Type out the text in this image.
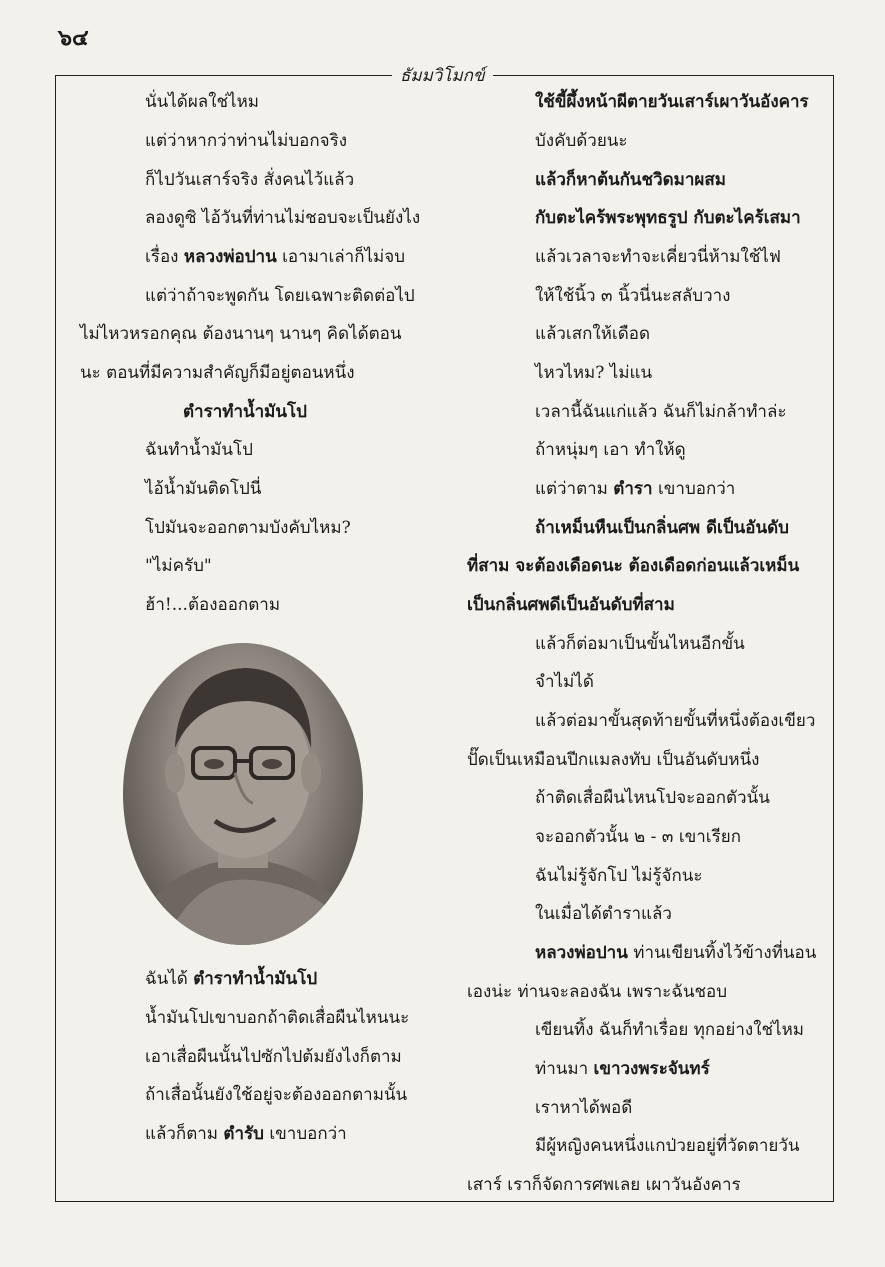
๖๔
ธัมมวิโมกข์
นั่นได้ผลใช่ไหม
แต่ว่าหากว่าท่านไม่บอกจริง
ก็ไปวันเสาร์จริง สั่งคนไว้แล้ว
ลองดูซิ ไอ้วันที่ท่านไม่ชอบจะเป็นยังไง
เรื่อง หลวงพ่อปาน เอามาเล่าก็ไม่จบ
แต่ว่าถ้าจะพูดกัน โดยเฉพาะติดต่อไป
ไม่ไหวหรอกคุณ ต้องนานๆ นานๆ คิดได้ตอน
นะ ตอนที่มีความสำคัญก็มีอยู่ตอนหนึ่ง
ตำราทำน้ำมันโป
ฉันทำน้ำมันโป
ไอ้น้ำมันติดโปนี่
โปมันจะออกตามบังคับไหม?
"ไม่ครับ"
ฮ้า!...ต้องออกตาม
ฉันได้ ตำราทำน้ำมันโป
น้ำมันโปเขาบอกถ้าติดเสื่อผืนไหนนะ
เอาเสื่อผืนนั้นไปซักไปต้มยังไงก็ตาม
ถ้าเสื่อนั้นยังใช้อยู่จะต้องออกตามนั้น
แล้วก็ตาม ตำรับ เขาบอกว่า
ใช้ขี้ผึ้งหน้าผีตายวันเสาร์เผาวันอังคาร
บังคับด้วยนะ
แล้วก็หาต้นกันชวิดมาผสม
กับตะไคร้พระพุทธรูป กับตะไคร้เสมา
แล้วเวลาจะทำจะเคี่ยวนี่ห้ามใช้ไฟ
ให้ใช้นิ้ว ๓ นิ้วนี่นะสลับวาง
แล้วเสกให้เดือด
ไหวไหม? ไม่แน
เวลานี้ฉันแก่แล้ว ฉันก็ไม่กล้าทำล่ะ
ถ้าหนุ่มๆ เอา ทำให้ดู
แต่ว่าตาม ตำรา เขาบอกว่า
ถ้าเหม็นหืนเป็นกลิ่นศพ ดีเป็นอันดับ
ที่สาม จะต้องเดือดนะ ต้องเดือดก่อนแล้วเหม็น
เป็นกลิ่นศพดีเป็นอันดับที่สาม
แล้วก็ต่อมาเป็นขั้นไหนอีกขั้น
จำไม่ได้
แล้วต่อมาขั้นสุดท้ายขั้นที่หนึ่งต้องเขียว
ปั๊ดเป็นเหมือนปีกแมลงทับ เป็นอันดับหนึ่ง
ถ้าติดเสื่อผืนไหนโปจะออกตัวนั้น
จะออกตัวนั้น ๒ - ๓ เขาเรียก
ฉันไม่รู้จักโป ไม่รู้จักนะ
ในเมื่อได้ตำราแล้ว
หลวงพ่อปาน ท่านเขียนทิ้งไว้ข้างที่นอน
เองน่ะ ท่านจะลองฉัน เพราะฉันชอบ
เขียนทิ้ง ฉันก็ทำเรื่อย ทุกอย่างใช่ไหม
ท่านมา เขาวงพระจันทร์
เราหาได้พอดี
มีผู้หญิงคนหนึ่งแกป่วยอยู่ที่วัดตายวัน
เสาร์ เราก็จัดการศพเลย เผาวันอังคาร
